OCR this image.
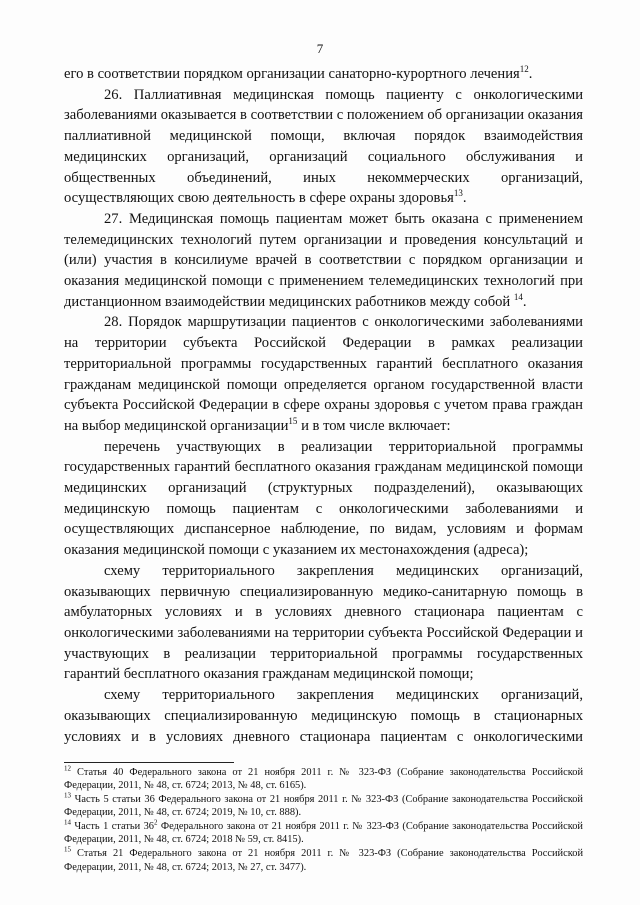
7

его в соответствии порядком организации санаторно-курортного лечения$^{12}$.

26. Паллиативная медицинская помощь пациенту с онкологическими заболеваниями оказывается в соответствии с положением об организации оказания паллиативной медицинской помощи, включая порядок взаимодействия медицинских организаций, организаций социального обслуживания и общественных объединений, иных некоммерческих организаций, осуществляющих свою деятельность в сфере охраны здоровья$^{13}$.

27. Медицинская помощь пациентам может быть оказана с применением телемедицинских технологий путем организации и проведения консультаций и (или) участия в консилиуме врачей в соответствии с порядком организации и оказания медицинской помощи с применением телемедицинских технологий при дистанционном взаимодействии медицинских работников между собой $^{14}$.

28. Порядок маршрутизации пациентов с онкологическими заболеваниями на территории субъекта Российской Федерации в рамках реализации территориальной программы государственных гарантий бесплатного оказания гражданам медицинской помощи определяется органом государственной власти субъекта Российской Федерации в сфере охраны здоровья с учетом права граждан на выбор медицинской организации$^{15}$ и в том числе включает:

перечень участвующих в реализации территориальной программы государственных гарантий бесплатного оказания гражданам медицинской помощи медицинских организаций (структурных подразделений), оказывающих медицинскую помощь пациентам с онкологическими заболеваниями и осуществляющих диспансерное наблюдение, по видам, условиям и формам оказания медицинской помощи с указанием их местонахождения (адреса);

схему территориального закрепления медицинских организаций, оказывающих первичную специализированную медико-санитарную помощь в амбулаторных условиях и в условиях дневного стационара пациентам с онкологическими заболеваниями на территории субъекта Российской Федерации и участвующих в реализации территориальной программы государственных гарантий бесплатного оказания гражданам медицинской помощи;

схему территориального закрепления медицинских организаций, оказывающих специализированную медицинскую помощь в стационарных условиях и в условиях дневного стационара пациентам с онкологическими

$^{12}$ Статья 40 Федерального закона от 21 ноября 2011 г. № 323-ФЗ (Собрание законодательства Российской Федерации, 2011, № 48, ст. 6724; 2013, № 48, ст. 6165).

$^{13}$ Часть 5 статьи 36 Федерального закона от 21 ноября 2011 г. № 323-ФЗ (Собрание законодательства Российской Федерации, 2011, № 48, ст. 6724; 2019, № 10, ст. 888).

$^{14}$ Часть 1 статьи $36^2$ Федерального закона от 21 ноября 2011 г. № 323-ФЗ (Собрание законодательства Российской Федерации, 2011, № 48, ст. 6724; 2018 № 59, ст. 8415).

$^{15}$ Статья 21 Федерального закона от 21 ноября 2011 г. № 323-ФЗ (Собрание законодательства Российской Федерации, 2011, № 48, ст. 6724; 2013, № 27, ст. 3477).
